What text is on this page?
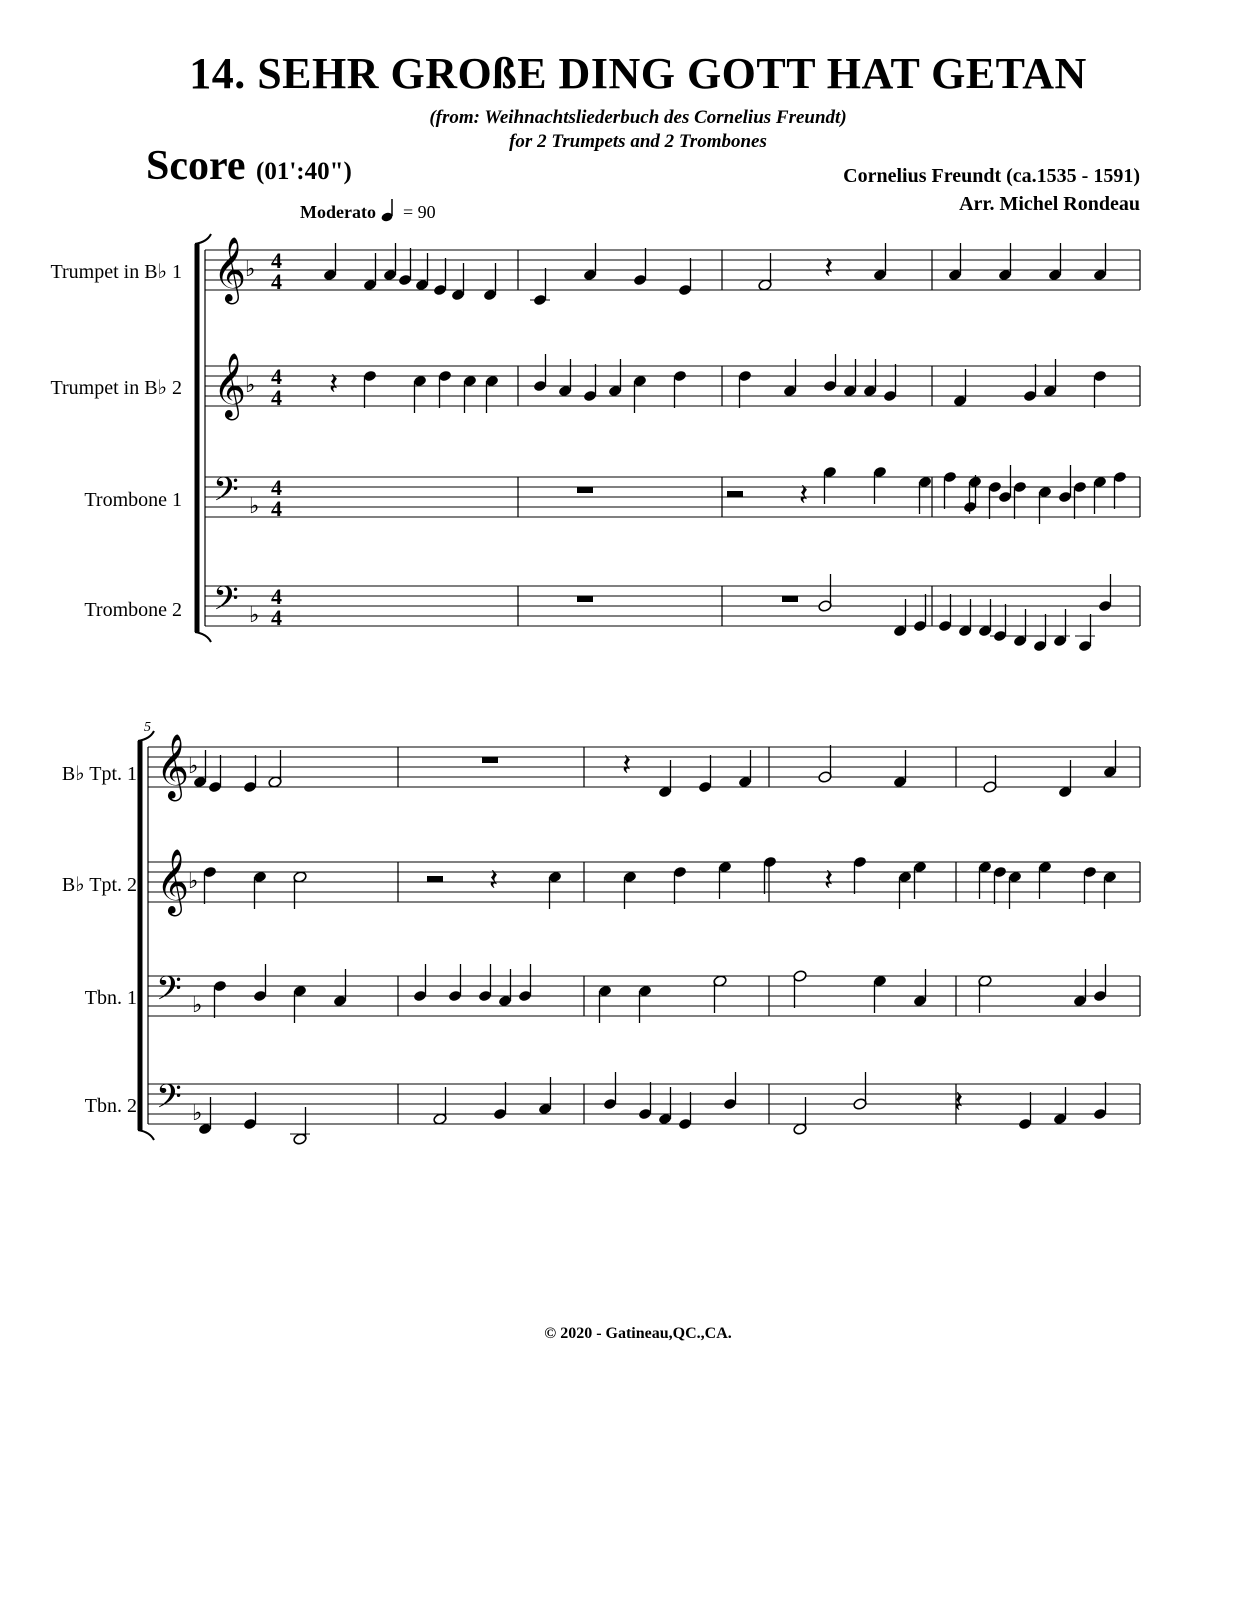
14. SEHR GROßE DING GOTT HAT GETAN
(from: Weihnachtsliederbuch des Cornelius Freundt)
for 2 Trumpets and 2 Trombones
Score (01':40")	Cornelius Freundt (ca.1535 - 1591)
Arr. Michel Rondeau
Moderato = 90
Trumpet in B♭ 1
Trumpet in B♭ 2
Trombone 1
Trombone 2
B♭ Tpt. 1
B♭ Tpt. 2
Tbn. 1
Tbn. 2
𝄞
♭ 4
4	𝄽
𝄞
♭ 4
4 𝄽
𝄢 ♭
4
4	𝄽
𝄢 ♭
4
4
𝄞
♭	𝄽
𝄞
♭	𝄽	𝄽
𝄢 ♭
𝄢 ♭	𝄽
5
© 2020 - Gatineau,QC.,CA.
